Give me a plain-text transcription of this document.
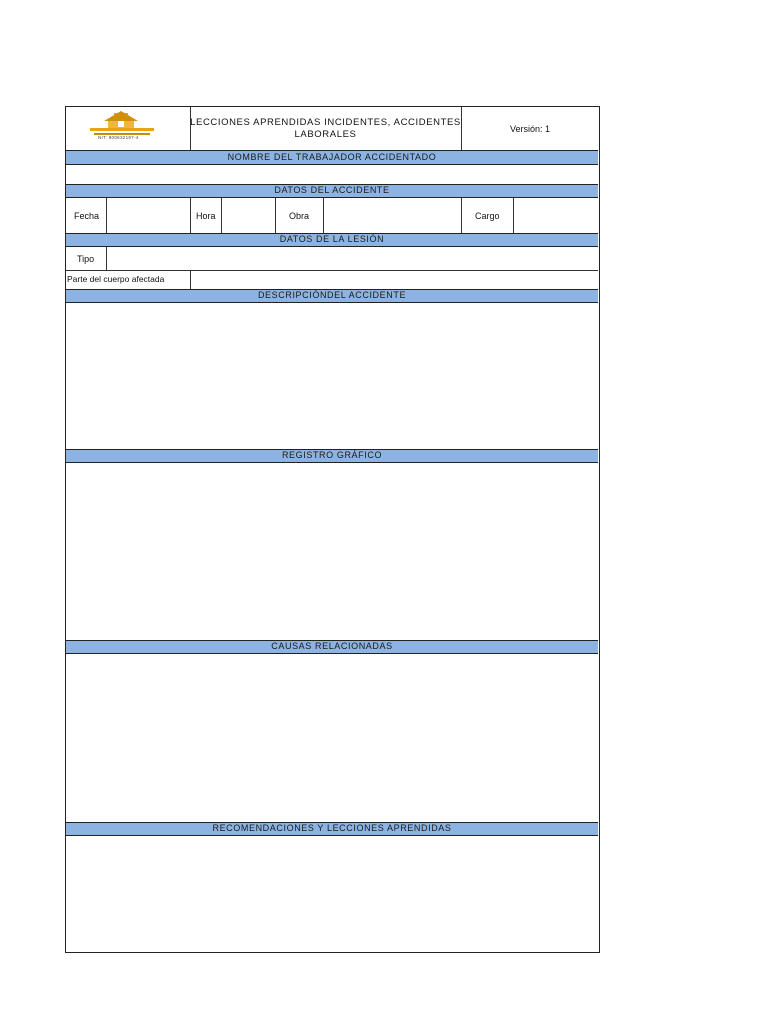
NIT: 900632197-4
LECCIONES APRENDIDAS INCIDENTES, ACCIDENTES LABORALES	Versión: 1
NOMBRE DEL TRABAJADOR ACCIDENTADO
DATOS DEL ACCIDENTE
Fecha	Hora	Obra	Cargo
DATOS DE LA LESIÓN
Tipo
Parte del cuerpo afectada
DESCRIPCIÓNDEL ACCIDENTE
REGISTRO GRÁFICO
CAUSAS RELACIONADAS
RECOMENDACIONES Y LECCIONES APRENDIDAS
